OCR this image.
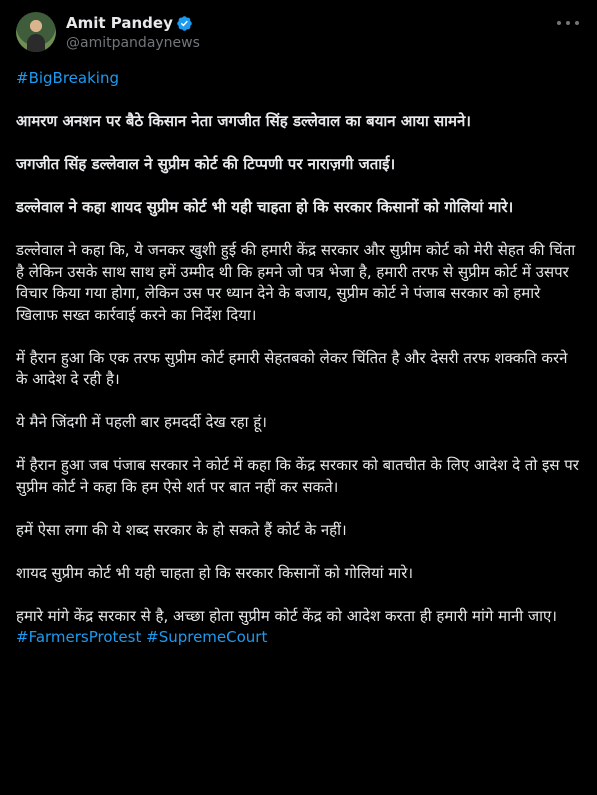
Amit Pandey
@amitpandaynews
#BigBreaking
आमरण अनशन पर बैठे किसान नेता जगजीत सिंह डल्लेवाल का बयान आया सामने।
जगजीत सिंह डल्लेवाल ने सुप्रीम कोर्ट की टिप्पणी पर नाराज़गी जताई।
डल्लेवाल ने कहा शायद सुप्रीम कोर्ट भी यही चाहता हो कि सरकार किसानों को गोलियां मारे।
डल्लेवाल ने कहा कि, ये जनकर खुशी हुई की हमारी केंद्र सरकार और सुप्रीम कोर्ट को मेरी सेहत की चिंता है लेकिन उसके साथ साथ हमें उम्मीद थी कि हमने जो पत्र भेजा है, हमारी तरफ से सुप्रीम कोर्ट में उसपर विचार किया गया होगा, लेकिन उस पर ध्यान देने के बजाय, सुप्रीम कोर्ट ने पंजाब सरकार को हमारे खिलाफ सख्त कार्रवाई करने का निर्देश दिया।
में हैरान हुआ कि एक तरफ सुप्रीम कोर्ट हमारी सेहतबको लेकर चिंतित है और देसरी तरफ शक्कति करने के आदेश दे रही है।
ये मैने जिंदगी में पहली बार हमदर्दी देख रहा हूं।
में हैरान हुआ जब पंजाब सरकार ने कोर्ट में कहा कि केंद्र सरकार को बातचीत के लिए आदेश दे तो इस पर सुप्रीम कोर्ट ने कहा कि हम ऐसे शर्त पर बात नहीं कर सकते।
हमें ऐसा लगा की ये शब्द सरकार के हो सकते हैं कोर्ट के नहीं।
शायद सुप्रीम कोर्ट भी यही चाहता हो कि सरकार किसानों को गोलियां मारे।
हमारे मांगे केंद्र सरकार से है, अच्छा होता सुप्रीम कोर्ट केंद्र को आदेश करता ही हमारी मांगे मानी जाए।
#FarmersProtest #SupremeCourt
